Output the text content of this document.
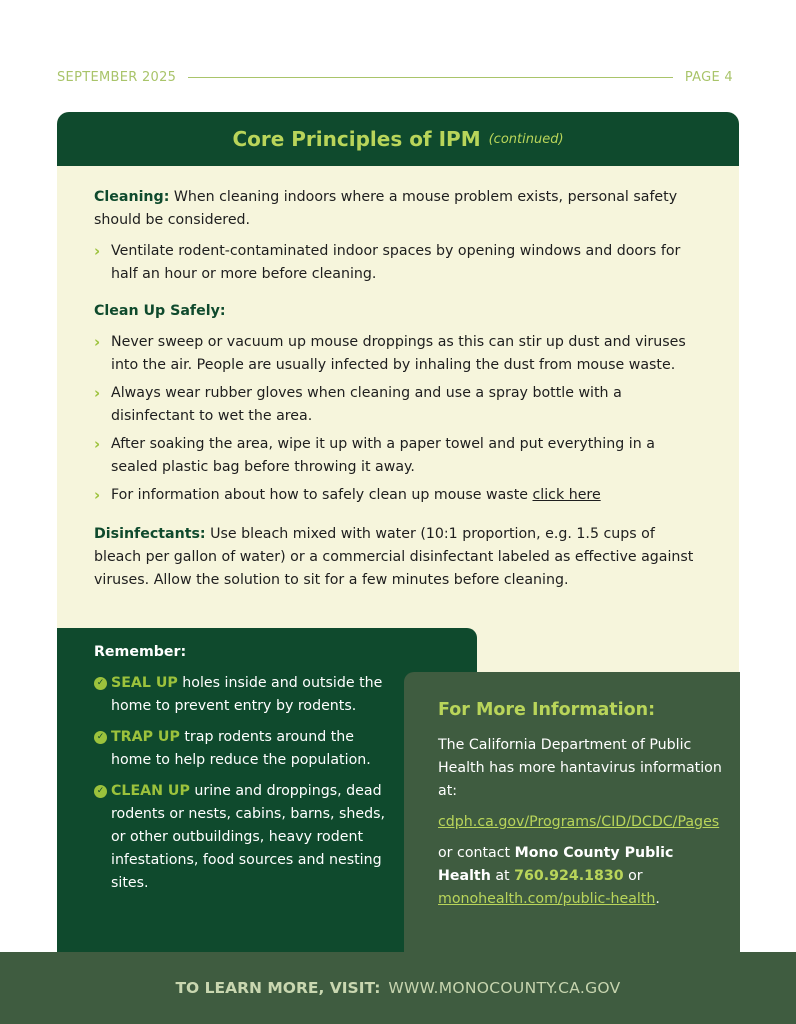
SEPTEMBER 2025	PAGE 4
Core Principles of IPM (continued)

Cleaning: When cleaning indoors where a mouse problem exists, personal safety should be considered.

› Ventilate rodent-contaminated indoor spaces by opening windows and doors for half an hour or more before cleaning.
Clean Up Safely:
› Never sweep or vacuum up mouse droppings as this can stir up dust and viruses into the air. People are usually infected by inhaling the dust from mouse waste.
› Always wear rubber gloves when cleaning and use a spray bottle with a disinfectant to wet the area.
› After soaking the area, wipe it up with a paper towel and put everything in a sealed plastic bag before throwing it away.
› For information about how to safely clean up mouse waste click here

Disinfectants: Use bleach mixed with water (10:1 proportion, e.g. 1.5 cups of bleach per gallon of water) or a commercial disinfectant labeled as effective against viruses. Allow the solution to sit for a few minutes before cleaning.

Remember:
✓ SEAL UP holes inside and outside the home to prevent entry by rodents.
✓ TRAP UP trap rodents around the home to help reduce the population.
✓ CLEAN UP urine and droppings, dead rodents or nests, cabins, barns, sheds, or other outbuildings, heavy rodent infestations, food sources and nesting sites.
For More Information:

The California Department of Public Health has more hantavirus information at:

cdph.ca.gov/Programs/CID/DCDC/Pages

or contact Mono County Public Health at 760.924.1830 or monohealth.com/public-health.

TO LEARN MORE, VISIT: WWW.MONOCOUNTY.CA.GOV
